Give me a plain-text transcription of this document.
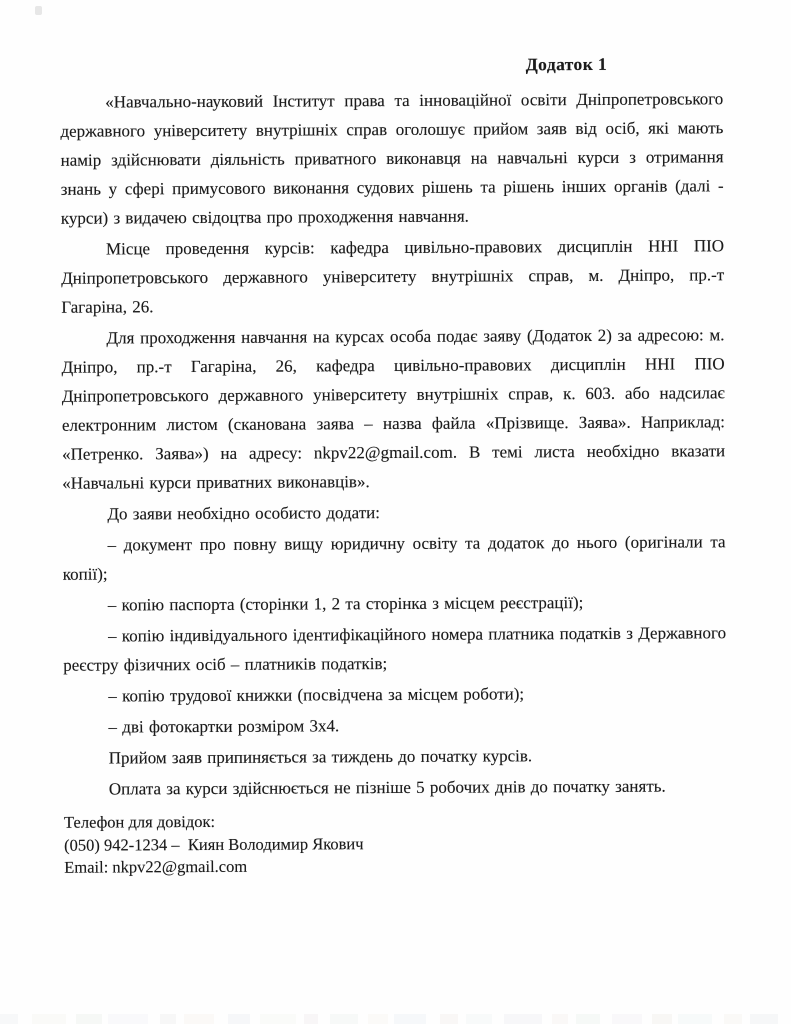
Додаток 1

«Навчально-науковий Інститут права та інноваційної освіти Дніпропетровського державного університету внутрішніх справ оголошує прийом заяв від осіб, які мають намір здійснювати діяльність приватного виконавця на навчальні курси з отримання знань у сфері примусового виконання судових рішень та рішень інших органів (далі - курси) з видачею свідоцтва про проходження навчання.

Місце проведення курсів: кафедра цивільно-правових дисциплін ННІ ПІО Дніпропетровського державного університету внутрішніх справ, м. Дніпро, пр.-т Гагаріна, 26.

Для проходження навчання на курсах особа подає заяву (Додаток 2) за адресою: м. Дніпро, пр.-т Гагаріна, 26, кафедра цивільно-правових дисциплін ННІ ПІО Дніпропетровського державного університету внутрішніх справ, к. 603. або надсилає електронним листом (сканована заява – назва файла «Прізвище. Заява». Наприклад: «Петренко. Заява») на адресу: nkpv22@gmail.com. В темі листа необхідно вказати «Навчальні курси приватних виконавців».

До заяви необхідно особисто додати:

– документ про повну вищу юридичну освіту та додаток до нього (оригінали та копії);

– копію паспорта (сторінки 1, 2 та сторінка з місцем реєстрації);

– копію індивідуального ідентифікаційного номера платника податків з Державного реєстру фізичних осіб – платників податків;

– копію трудової книжки (посвідчена за місцем роботи);

– дві фотокартки розміром 3х4.

Прийом заяв припиняється за тиждень до початку курсів.

Оплата за курси здійснюється не пізніше 5 робочих днів до початку занять.

Телефон для довідок:
(050) 942-1234 –  Киян Володимир Якович
Email: nkpv22@gmail.com
